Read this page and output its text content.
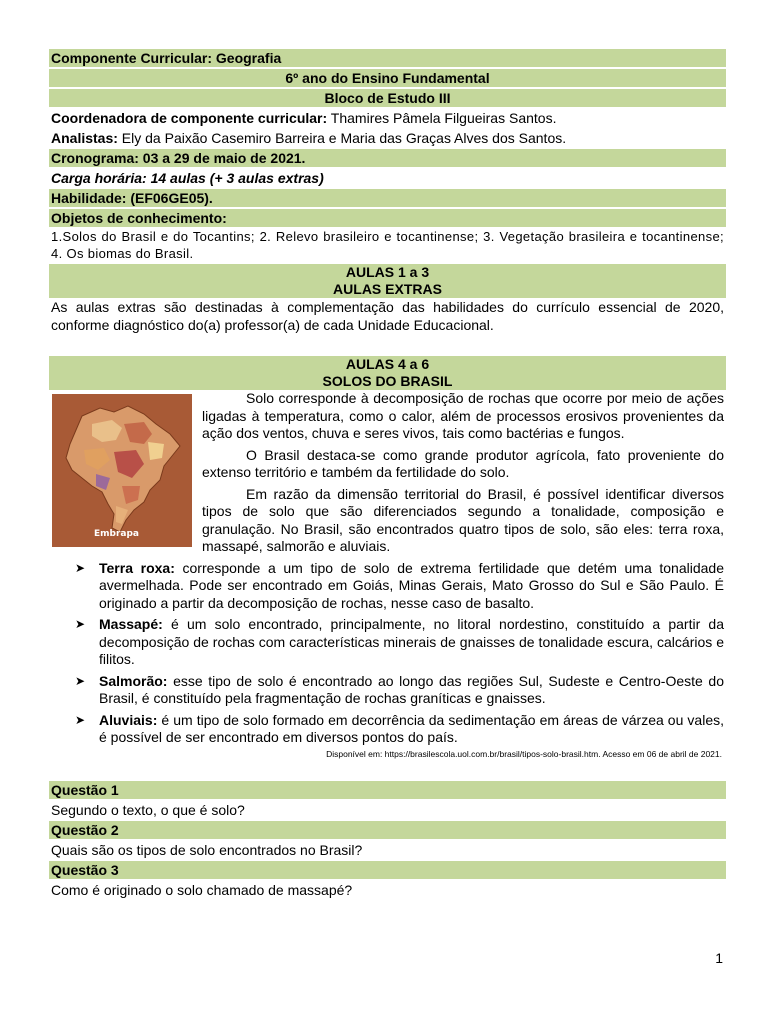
Componente Curricular: Geografia
6º ano do Ensino Fundamental
Bloco de Estudo III
Coordenadora de componente curricular: Thamires Pâmela Filgueiras Santos.
Analistas: Ely da Paixão Casemiro Barreira e Maria das Graças Alves dos Santos.
Cronograma: 03 a 29 de maio de 2021.
Carga horária: 14 aulas (+ 3 aulas extras)
Habilidade: (EF06GE05).
Objetos de conhecimento:
1.Solos do Brasil e do Tocantins; 2. Relevo brasileiro e tocantinense; 3. Vegetação brasileira e tocantinense; 4. Os biomas do Brasil.
AULAS 1 a 3
AULAS EXTRAS
As aulas extras são destinadas à complementação das habilidades do currículo essencial de 2020, conforme diagnóstico do(a) professor(a) de cada Unidade Educacional.
AULAS 4 a 6
SOLOS DO BRASIL
Embrapa
Solo corresponde à decomposição de rochas que ocorre por meio de ações ligadas à temperatura, como o calor, além de processos erosivos provenientes da ação dos ventos, chuva e seres vivos, tais como bactérias e fungos.
O Brasil destaca-se como grande produtor agrícola, fato proveniente do extenso território e também da fertilidade do solo.
Em razão da dimensão territorial do Brasil, é possível identificar diversos tipos de solo que são diferenciados segundo a tonalidade, composição e granulação. No Brasil, são encontrados quatro tipos de solo, são eles: terra roxa, massapé, salmorão e aluviais.
➤ Terra roxa: corresponde a um tipo de solo de extrema fertilidade que detém uma tonalidade avermelhada. Pode ser encontrado em Goiás, Minas Gerais, Mato Grosso do Sul e São Paulo. É originado a partir da decomposição de rochas, nesse caso de basalto.
➤ Massapé: é um solo encontrado, principalmente, no litoral nordestino, constituído a partir da decomposição de rochas com características minerais de gnaisses de tonalidade escura, calcários e filitos.
➤ Salmorão: esse tipo de solo é encontrado ao longo das regiões Sul, Sudeste e Centro-Oeste do Brasil, é constituído pela fragmentação de rochas graníticas e gnaisses.
➤ Aluviais: é um tipo de solo formado em decorrência da sedimentação em áreas de várzea ou vales, é possível de ser encontrado em diversos pontos do país.
Disponível em: https://brasilescola.uol.com.br/brasil/tipos-solo-brasil.htm. Acesso em 06 de abril de 2021.
Questão 1
Segundo o texto, o que é solo?
Questão 2
Quais são os tipos de solo encontrados no Brasil?
Questão 3
Como é originado o solo chamado de massapé?
1
